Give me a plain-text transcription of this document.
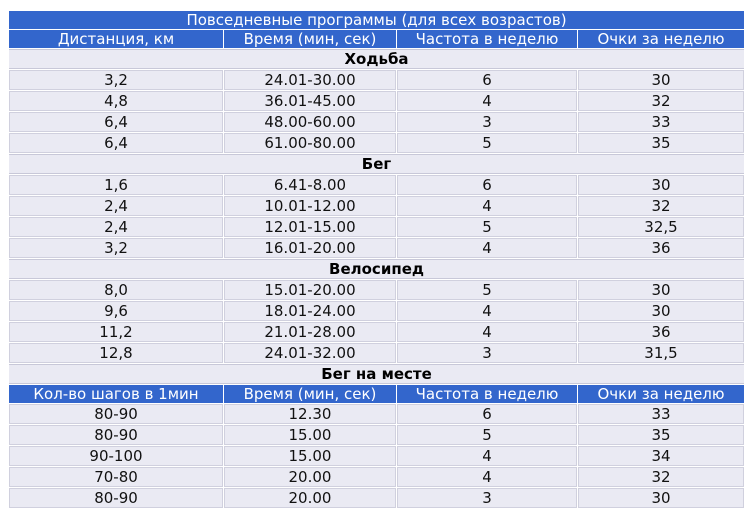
Повседневные программы (для всех возрастов)			
Дистанция, км	Время (мин, сек)	Частота в неделю	Очки за неделю
Ходьба			
3,2	24.01-30.00	6	30
4,8	36.01-45.00	4	32
6,4	48.00-60.00	3	33
6,4	61.00-80.00	5	35
Бег			
1,6	6.41-8.00	6	30
2,4	10.01-12.00	4	32
2,4	12.01-15.00	5	32,5
3,2	16.01-20.00	4	36
Велосипед			
8,0	15.01-20.00	5	30
9,6	18.01-24.00	4	30
11,2	21.01-28.00	4	36
12,8	24.01-32.00	3	31,5
Бег на месте			
Кол-во шагов в 1мин	Время (мин, сек)	Частота в неделю	Очки за неделю
80-90	12.30	6	33
80-90	15.00	5	35
90-100	15.00	4	34
70-80	20.00	4	32
80-90	20.00	3	30
